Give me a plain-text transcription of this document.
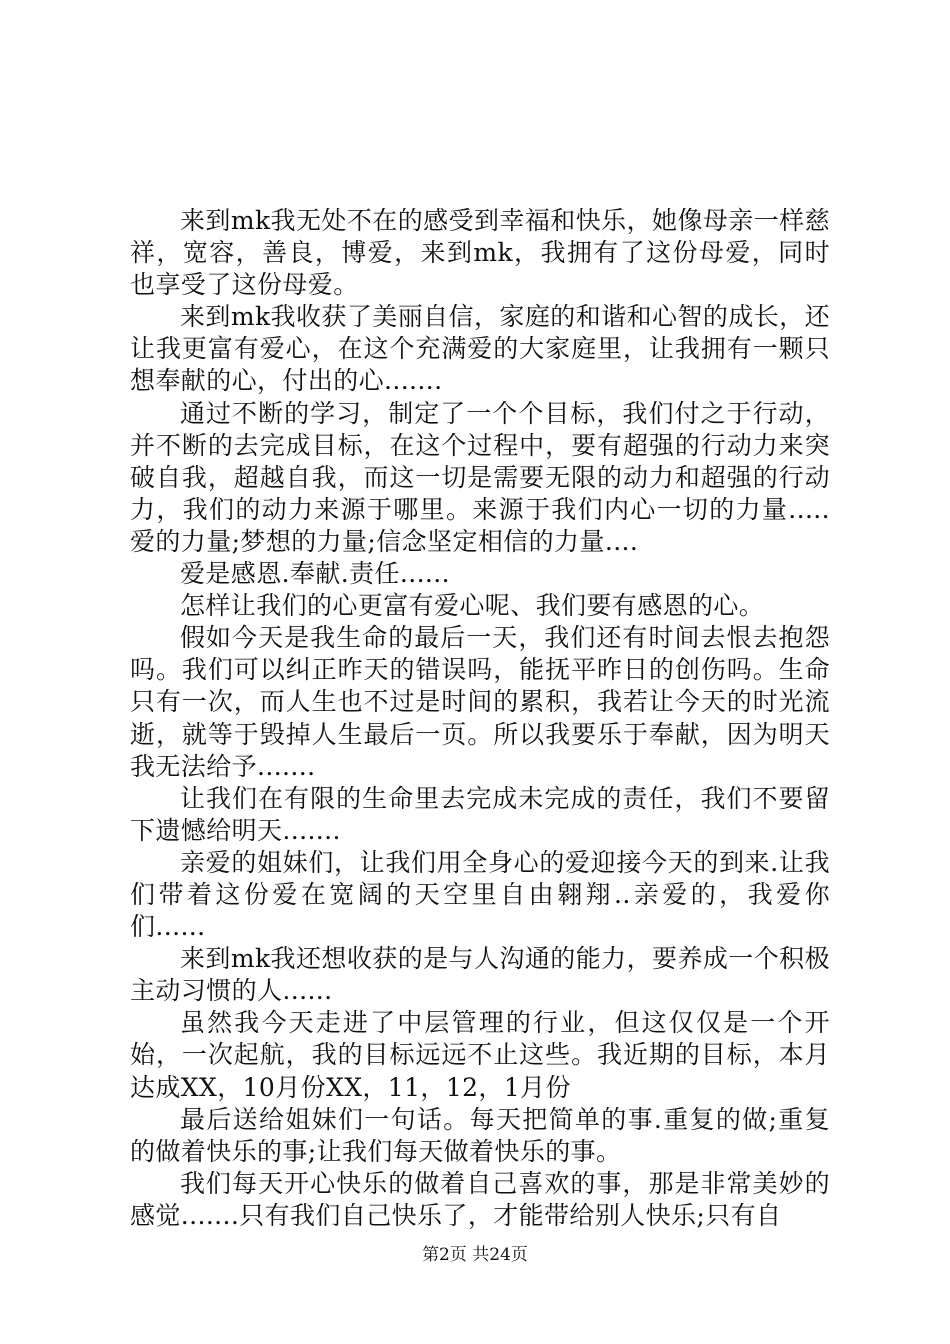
来到mk我无处不在的感受到幸福和快乐，她像母亲一样慈祥，宽容，善良，博爱，来到mk，我拥有了这份母爱，同时也享受了这份母爱。

来到mk我收获了美丽自信，家庭的和谐和心智的成长，还让我更富有爱心，在这个充满爱的大家庭里，让我拥有一颗只想奉献的心，付出的心.......

通过不断的学习，制定了一个个目标，我们付之于行动，并不断的去完成目标，在这个过程中，要有超强的行动力来突破自我，超越自我，而这一切是需要无限的动力和超强的行动力，我们的动力来源于哪里。来源于我们内心一切的力量.....爱的力量;梦想的力量;信念坚定相信的力量....

爱是感恩.奉献.责任......

怎样让我们的心更富有爱心呢、我们要有感恩的心。

假如今天是我生命的最后一天，我们还有时间去恨去抱怨吗。我们可以纠正昨天的错误吗，能抚平昨日的创伤吗。生命只有一次，而人生也不过是时间的累积，我若让今天的时光流逝，就等于毁掉人生最后一页。所以我要乐于奉献，因为明天我无法给予.......

让我们在有限的生命里去完成未完成的责任，我们不要留下遗憾给明天.......

亲爱的姐妹们，让我们用全身心的爱迎接今天的到来.让我们带着这份爱在宽阔的天空里自由翱翔..亲爱的，我爱你们......

来到mk我还想收获的是与人沟通的能力，要养成一个积极主动习惯的人......

虽然我今天走进了中层管理的行业，但这仅仅是一个开始，一次起航，我的目标远远不止这些。我近期的目标，本月达成XX，10月份XX，11，12，1月份

最后送给姐妹们一句话。每天把简单的事.重复的做;重复的做着快乐的事;让我们每天做着快乐的事。

我们每天开心快乐的做着自己喜欢的事，那是非常美妙的感觉.......只有我们自己快乐了，才能带给别人快乐;只有自

第2页 共24页
